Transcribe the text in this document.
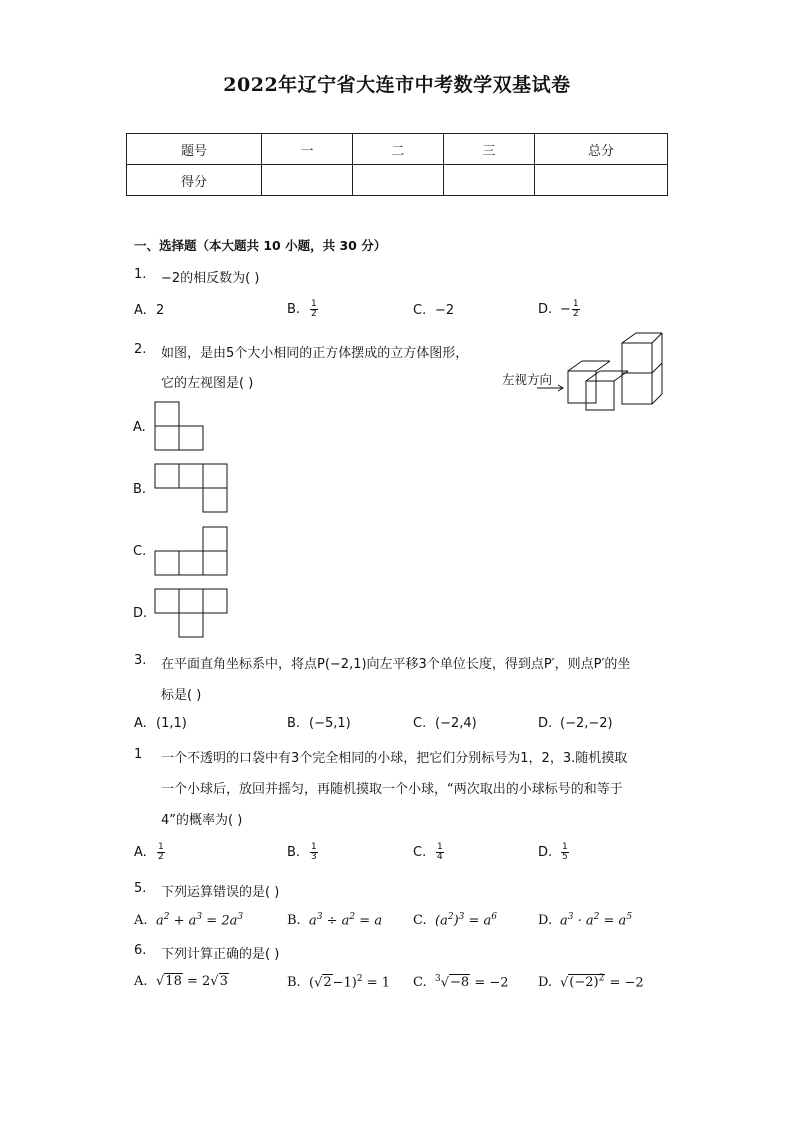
2022年辽宁省大连市中考数学双基试卷
题号	一	二	三	总分
得分				
一、选择题（本大题共 10 小题，共 30 分）
1. −2的相反数为( )
A. 2	B. $\frac{1}{2}$	C. −2	D. − $\frac{1}{2}$
2. 如图，是由5个大小相同的正方体摆成的立方体图形，
它的左视图是( )	左视方向
A.
B.
C.
D.
3. 在平面直角坐标系中，将点P(−2,1)向左平移3个单位长度，得到点P′，则点P′的坐
标是( )
A. (1,1)	B. (−5,1)	C. (−2,4)	D. (−2,−2)
1 一个不透明的口袋中有3个完全相同的小球，把它们分别标号为1，2，3.随机摸取
一个小球后，放回并摇匀，再随机摸取一个小球，“两次取出的小球标号的和等于
4”的概率为( )
A. $\frac{1}{2}$	B. $\frac{1}{3}$	C. $\frac{1}{4}$	D. $\frac{1}{5}$
5. 下列运算错误的是( )
A. $a^2 + a^3 = 2a^3$	B. $a^3 \div a^2 = a$ C. $(a^2)^3 = a^6$	D. $a^3 \cdot a^2 = a^5$
6. 下列计算正确的是( )
A. √18 = 2√3	B. $(√2-1)^2 = 1$ C. $^3$√−8 = −2 D. $√(-2)^2 = -2$
